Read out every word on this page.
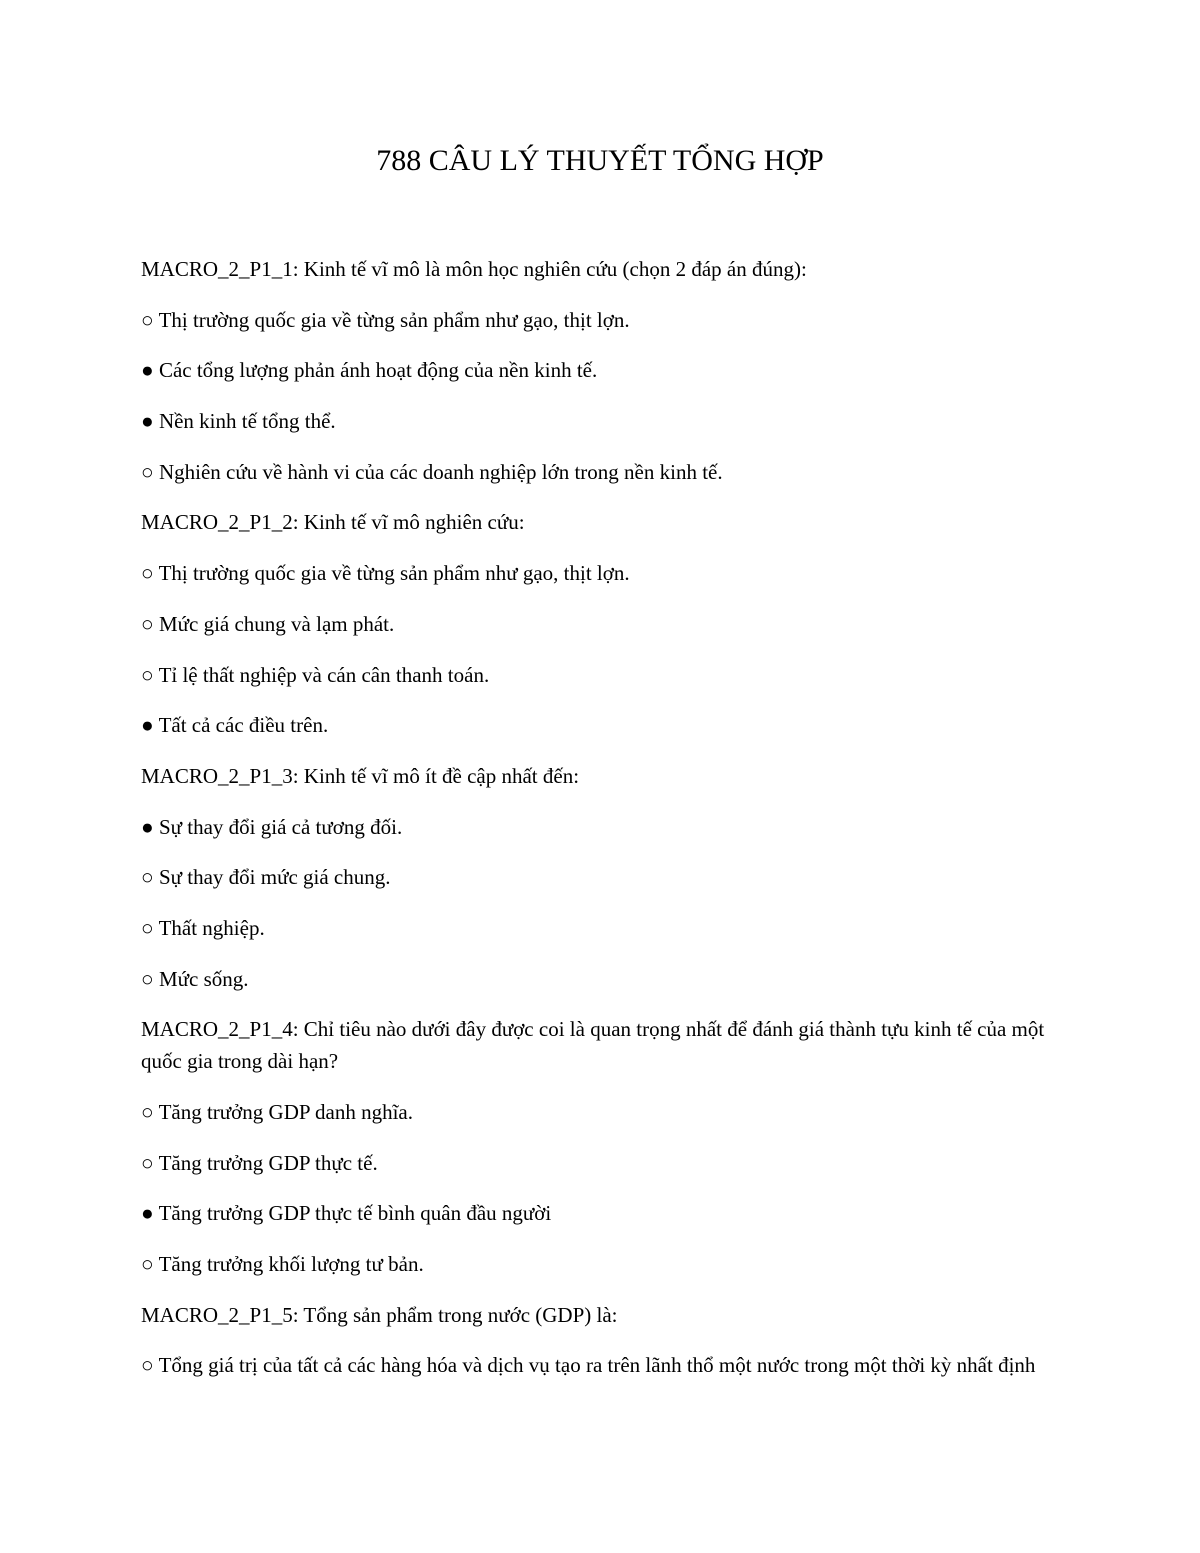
788 CÂU LÝ THUYẾT TỔNG HỢP

MACRO_2_P1_1: Kinh tế vĩ mô là môn học nghiên cứu (chọn 2 đáp án đúng):

○ Thị trường quốc gia về từng sản phẩm như gạo, thịt lợn.

● Các tổng lượng phản ánh hoạt động của nền kinh tế.

● Nền kinh tế tổng thể.

○ Nghiên cứu về hành vi của các doanh nghiệp lớn trong nền kinh tế.

MACRO_2_P1_2: Kinh tế vĩ mô nghiên cứu:

○ Thị trường quốc gia về từng sản phẩm như gạo, thịt lợn.

○ Mức giá chung và lạm phát.

○ Tỉ lệ thất nghiệp và cán cân thanh toán.

● Tất cả các điều trên.

MACRO_2_P1_3: Kinh tế vĩ mô ít đề cập nhất đến:

● Sự thay đổi giá cả tương đối.

○ Sự thay đổi mức giá chung.

○ Thất nghiệp.

○ Mức sống.

MACRO_2_P1_4: Chỉ tiêu nào dưới đây được coi là quan trọng nhất để đánh giá thành tựu kinh tế của một quốc gia trong dài hạn?

○ Tăng trưởng GDP danh nghĩa.

○ Tăng trưởng GDP thực tế.

● Tăng trưởng GDP thực tế bình quân đầu người

○ Tăng trưởng khối lượng tư bản.

MACRO_2_P1_5: Tổng sản phẩm trong nước (GDP) là:

○ Tổng giá trị của tất cả các hàng hóa và dịch vụ tạo ra trên lãnh thổ một nước trong một thời kỳ nhất định
